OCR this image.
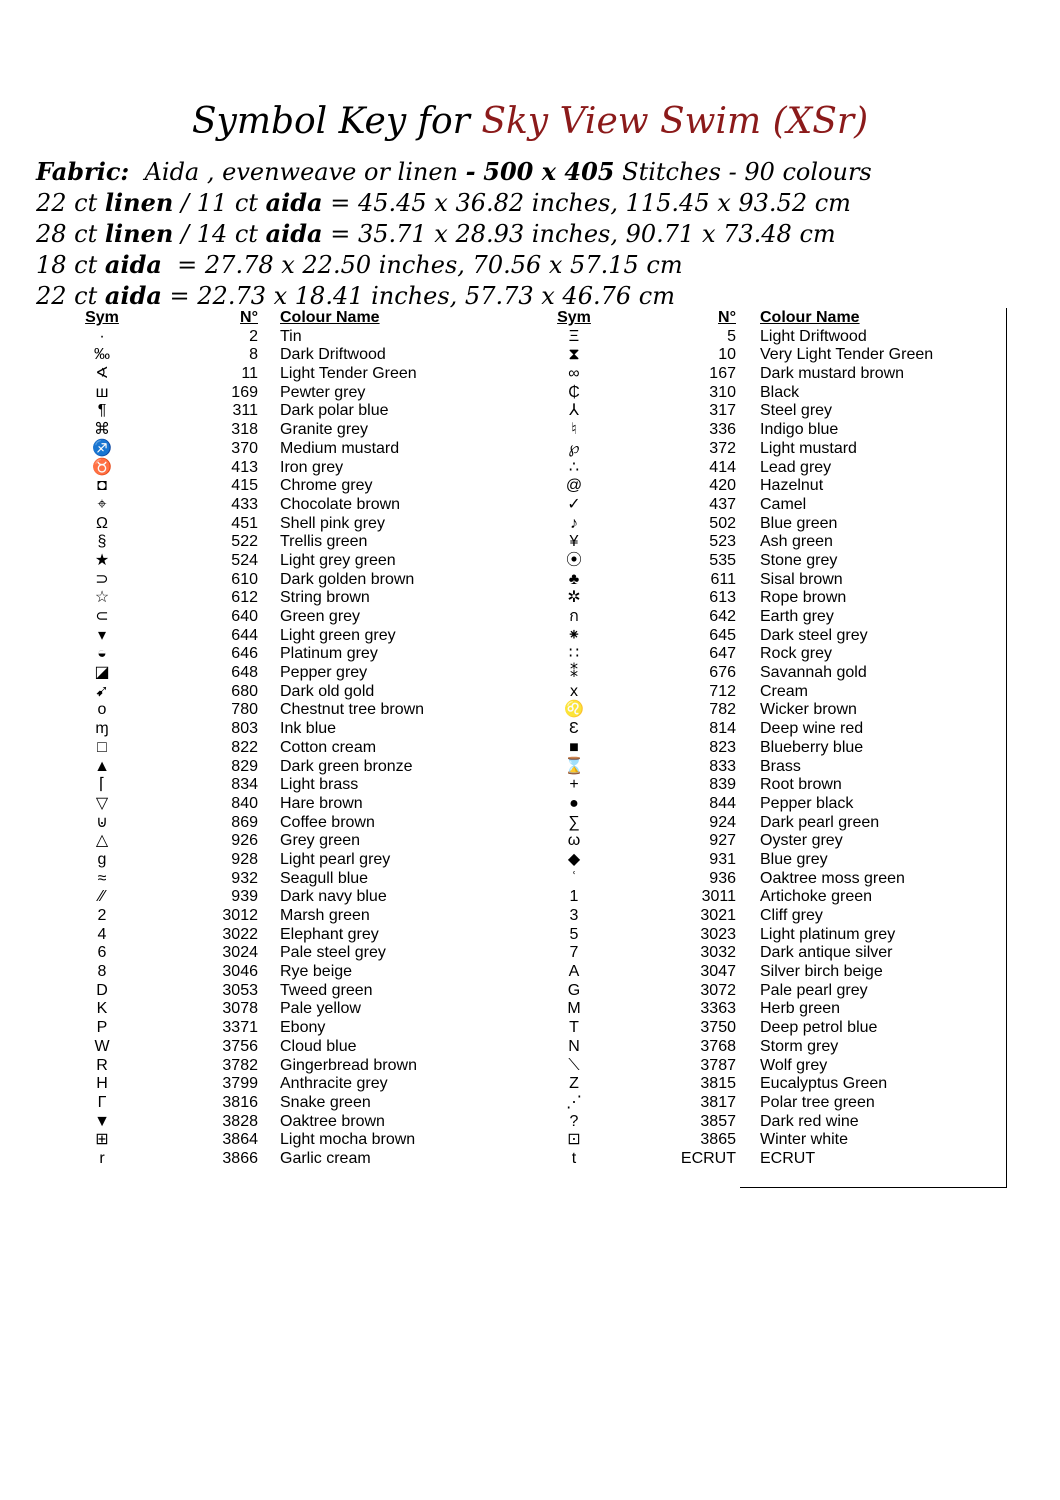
Symbol Key for Sky View Swim (XSr)
Fabric: Aida , evenweave or linen - 500 x 405 Stitches - 90 colours
22 ct linen / 11 ct aida = 45.45 x 36.82 inches, 115.45 x 93.52 cm
28 ct linen / 14 ct aida = 35.71 x 28.93 inches, 90.71 x 73.48 cm
18 ct aida = 27.78 x 22.50 inches, 70.56 x 57.15 cm
22 ct aida = 22.73 x 18.41 inches, 57.73 x 46.76 cm
Sym	N° Colour Name	Sym	N° Colour Name
·	2 Tin	Ξ	5 Light Driftwood
‰	8 Dark Driftwood	⧗	10 Very Light Tender Green
∢	11 Light Tender Green	∞	167 Dark mustard brown
ш	169 Pewter grey	₵	310 Black
¶	311 Dark polar blue	⅄	317 Steel grey
⌘	318 Granite grey	♮	336 Indigo blue
♐	370 Medium mustard	℘	372 Light mustard
♉	413 Iron grey	∴	414 Lead grey
◘	415 Chrome grey	@	420 Hazelnut
⌖	433 Chocolate brown	✓	437 Camel
Ω	451 Shell pink grey	♪	502 Blue green
§	522 Trellis green	¥	523 Ash green
★	524 Light grey green	⦿	535 Stone grey
⊃	610 Dark golden brown	♣	611 Sisal brown
☆	612 String brown	✲	613 Rope brown
⊂	640 Green grey	ก	642 Earth grey
▾	644 Light green grey	⁕	645 Dark steel grey
◒	646 Platinum grey	∷	647 Rock grey
◪	648 Pepper grey	⁑	676 Savannah gold
➹	680 Dark old gold	x	712 Cream
o	780 Chestnut tree brown	♌	782 Wicker brown
ɱ	803 Ink blue	Ɛ	814 Deep wine red
□	822 Cotton cream	■	823 Blueberry blue
▲	829 Dark green bronze	⌛	833 Brass
⌈	834 Light brass	+	839 Root brown
▽	840 Hare brown	●	844 Pepper black
⊍	869 Coffee brown	∑	924 Dark pearl green
△	926 Grey green	ω	927 Oyster grey
g	928 Light pearl grey	◆	931 Blue grey
≈	932 Seagull blue	ʿ	936 Oaktree moss green
⁄⁄	939 Dark navy blue	1	3011 Artichoke green
2	3012 Marsh green	3	3021 Cliff grey
4	3022 Elephant grey	5	3023 Light platinum grey
6	3024 Pale steel grey	7	3032 Dark antique silver
8	3046 Rye beige	A	3047 Silver birch beige
D	3053 Tweed green	G	3072 Pale pearl grey
K	3078 Pale yellow	M	3363 Herb green
P	3371 Ebony	T	3750 Deep petrol blue
W	3756 Cloud blue	N	3768 Storm grey
R	3782 Gingerbread brown	⟍	3787 Wolf grey
H	3799 Anthracite grey	Z	3815 Eucalyptus Green
Γ	3816 Snake green	⋰	3817 Polar tree green
▼	3828 Oaktree brown	?	3857 Dark red wine
⊞	3864 Light mocha brown	⊡	3865 Winter white
r	3866 Garlic cream	t	ECRUT ECRUT
